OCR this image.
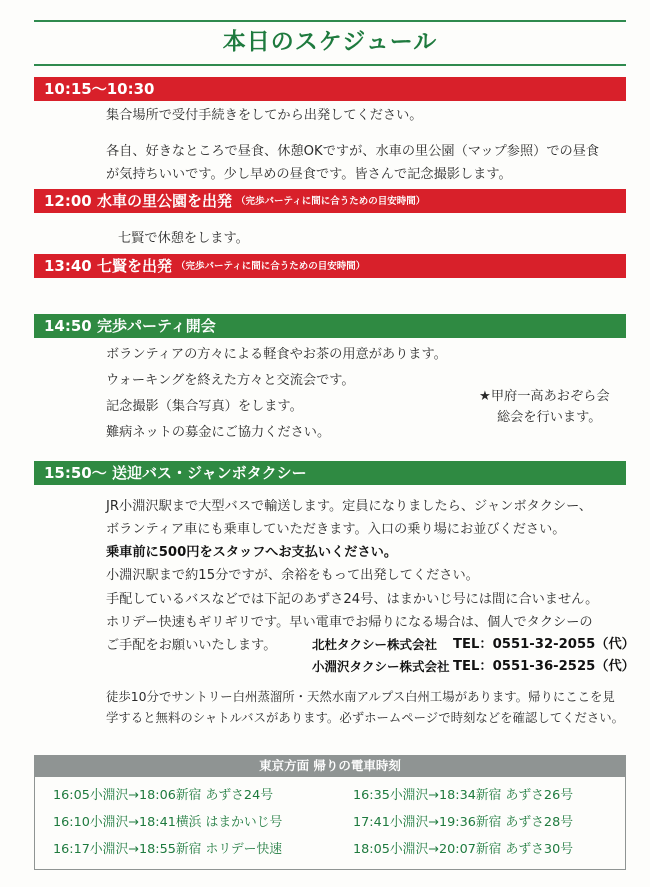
本日のスケジュール
10:15〜10:30
集合場所で受付手続きをしてから出発してください。
各自、好きなところで昼食、休憩OKですが、水車の里公園（マップ参照）での昼食
が気持ちいいです。少し早めの昼食です。皆さんで記念撮影します。
12:00 水車の里公園を出発 （完歩パーティに間に合うための目安時間）
七賢で休憩をします。
13:40 七賢を出発 （完歩パーティに間に合うための目安時間）
14:50 完歩パーティ開会
ボランティアの方々による軽食やお茶の用意があります。
ウォーキングを終えた方々と交流会です。
記念撮影（集合写真）をします。
難病ネットの募金にご協力ください。
★甲府一高あおぞら会
総会を行います。
15:50〜 送迎バス・ジャンボタクシー
JR小淵沢駅まで大型バスで輸送します。定員になりましたら、ジャンボタクシー、
ボランティア車にも乗車していただきます。入口の乗り場にお並びください。
乗車前に500円をスタッフへお支払いください。
小淵沢駅まで約15分ですが、余裕をもって出発してください。
手配しているバスなどでは下記のあずさ24号、はまかいじ号には間に合いません。
ホリデー快速もギリギリです。早い電車でお帰りになる場合は、個人でタクシーの
ご手配をお願いいたします。	北杜タクシー株式会社 TEL：0551-32-2055（代）
小淵沢タクシー株式会社 TEL：0551-36-2525（代）
徒歩10分でサントリー白州蒸溜所・天然水南アルプス白州工場があります。帰りにここを見
学すると無料のシャトルバスがあります。必ずホームページで時刻などを確認してください。
東京方面 帰りの電車時刻
16:05小淵沢→18:06新宿 あずさ24号
16:10小淵沢→18:41横浜 はまかいじ号
16:17小淵沢→18:55新宿 ホリデー快速
16:35小淵沢→18:34新宿 あずさ26号
17:41小淵沢→19:36新宿 あずさ28号
18:05小淵沢→20:07新宿 あずさ30号
